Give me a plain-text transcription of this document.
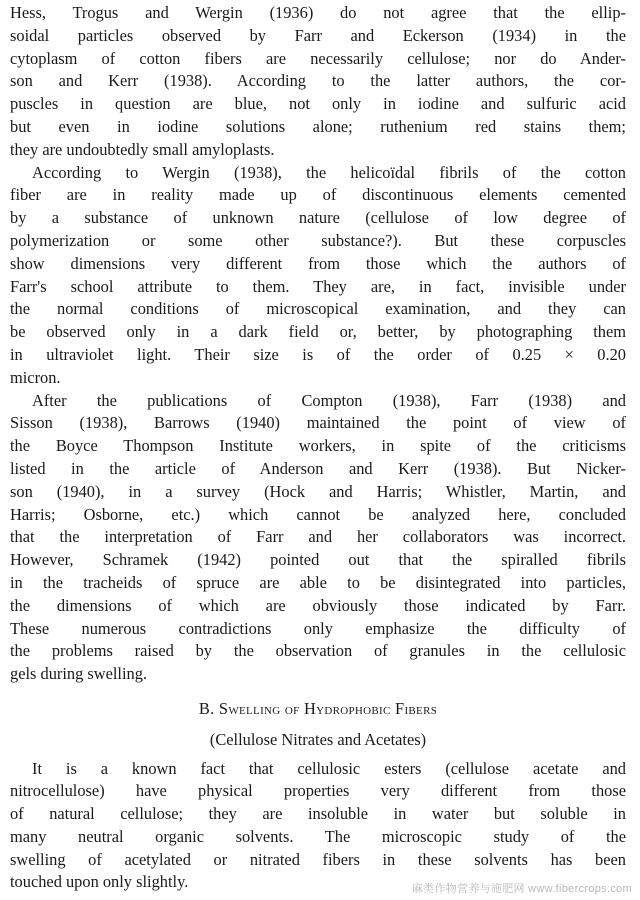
Hess, Trogus and Wergin (1936) do not agree that the ellip-
soidal particles observed by Farr and Eckerson (1934) in the
cytoplasm of cotton fibers are necessarily cellulose; nor do Ander-
son and Kerr (1938). According to the latter authors, the cor-
puscles in question are blue, not only in iodine and sulfuric acid
but even in iodine solutions alone; ruthenium red stains them;
they are undoubtedly small amyloplasts.

According to Wergin (1938), the helicoïdal fibrils of the cotton
fiber are in reality made up of discontinuous elements cemented
by a substance of unknown nature (cellulose of low degree of
polymerization or some other substance?). But these corpuscles
show dimensions very different from those which the authors of
Farr's school attribute to them. They are, in fact, invisible under
the normal conditions of microscopical examination, and they can
be observed only in a dark field or, better, by photographing them
in ultraviolet light. Their size is of the order of 0.25 × 0.20
micron.

After the publications of Compton (1938), Farr (1938) and
Sisson (1938), Barrows (1940) maintained the point of view of
the Boyce Thompson Institute workers, in spite of the criticisms
listed in the article of Anderson and Kerr (1938). But Nicker-
son (1940), in a survey (Hock and Harris; Whistler, Martin, and
Harris; Osborne, etc.) which cannot be analyzed here, concluded
that the interpretation of Farr and her collaborators was incorrect.
However, Schramek (1942) pointed out that the spiralled fibrils
in the tracheids of spruce are able to be disintegrated into particles,
the dimensions of which are obviously those indicated by Farr.
These numerous contradictions only emphasize the difficulty of
the problems raised by the observation of granules in the cellulosic
gels during swelling.

B. Swelling of Hydrophobic Fibers
(Cellulose Nitrates and Acetates)

It is a known fact that cellulosic esters (cellulose acetate and
nitrocellulose) have physical properties very different from those
of natural cellulose; they are insoluble in water but soluble in
many neutral organic solvents. The microscopic study of the
swelling of acetylated or nitrated fibers in these solvents has been
touched upon only slightly.	麻类作物营养与施肥网 www.fibercrops.com
